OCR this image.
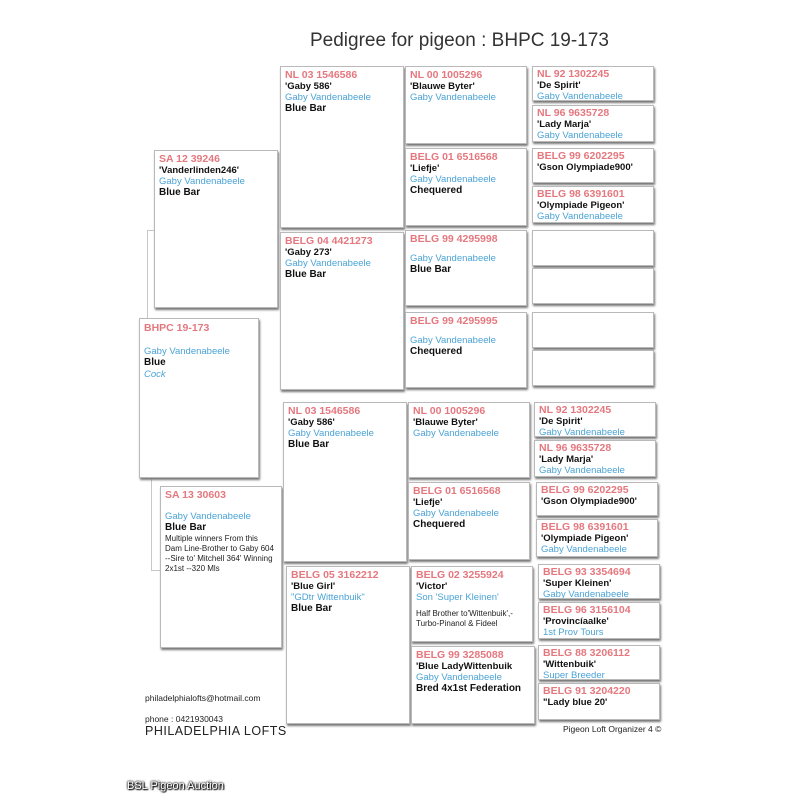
Pedigree for pigeon : BHPC 19-173
BHPC 19-173
Gaby Vandenabeele
Blue
Cock
SA 12 39246
'Vanderlinden246'
Gaby Vandenabeele
Blue Bar
SA 13 30603
Gaby Vandenabeele
Blue Bar
Multiple winners From this Dam Line-Brother to Gaby 604 --Sire to' Mitchell 364' Winning 2x1st --320 Mls
NL 03 1546586
'Gaby 586'
Gaby Vandenabeele
Blue Bar
BELG 04 4421273
'Gaby 273'
Gaby Vandenabeele
Blue Bar
NL 03 1546586
'Gaby 586'
Gaby Vandenabeele
Blue Bar
BELG 05 3162212
'Blue Girl'
"GDtr Wittenbuik"
Blue Bar
NL 00 1005296
'Blauwe Byter'
Gaby Vandenabeele
BELG 01 6516568
'Liefje'
Gaby Vandenabeele
Chequered
BELG 99 4295998
Gaby Vandenabeele
Blue Bar
BELG 99 4295995
Gaby Vandenabeele
Chequered
NL 00 1005296
'Blauwe Byter'
Gaby Vandenabeele
BELG 01 6516568
'Liefje'
Gaby Vandenabeele
Chequered
BELG 02 3255924
'Victor'
Son 'Super Kleinen'
Half Brother to'Wittenbuik',-Turbo-Pinanol & Fideel
BELG 99 3285088
'Blue LadyWittenbuik
Gaby Vandenabeele
Bred 4x1st Federation
NL 92 1302245
'De Spirit'
Gaby Vandenabeele
NL 96 9635728
'Lady Marja'
Gaby Vandenabeele
BELG 99 6202295
'Gson Olympiade900'
BELG 98 6391601
'Olympiade Pigeon'
Gaby Vandenabeele
NL 92 1302245
'De Spirit'
Gaby Vandenabeele
NL 96 9635728
'Lady Marja'
Gaby Vandenabeele
BELG 99 6202295
'Gson Olympiade900'
BELG 98 6391601
'Olympiade Pigeon'
Gaby Vandenabeele
BELG 93 3354694
'Super Kleinen'
Gaby Vandenabeele
BELG 96 3156104
'Provincíaalke'
1st Prov Tours
BELG 88 3206112
'Wittenbuik'
Super Breeder
BELG 91 3204220
"Lady blue 20'
philadelphialofts@hotmail.com
phone : 0421930043
PHILADELPHIA LOFTS	Pigeon Loft Organizer 4 ©
BSL Pigeon Auction
